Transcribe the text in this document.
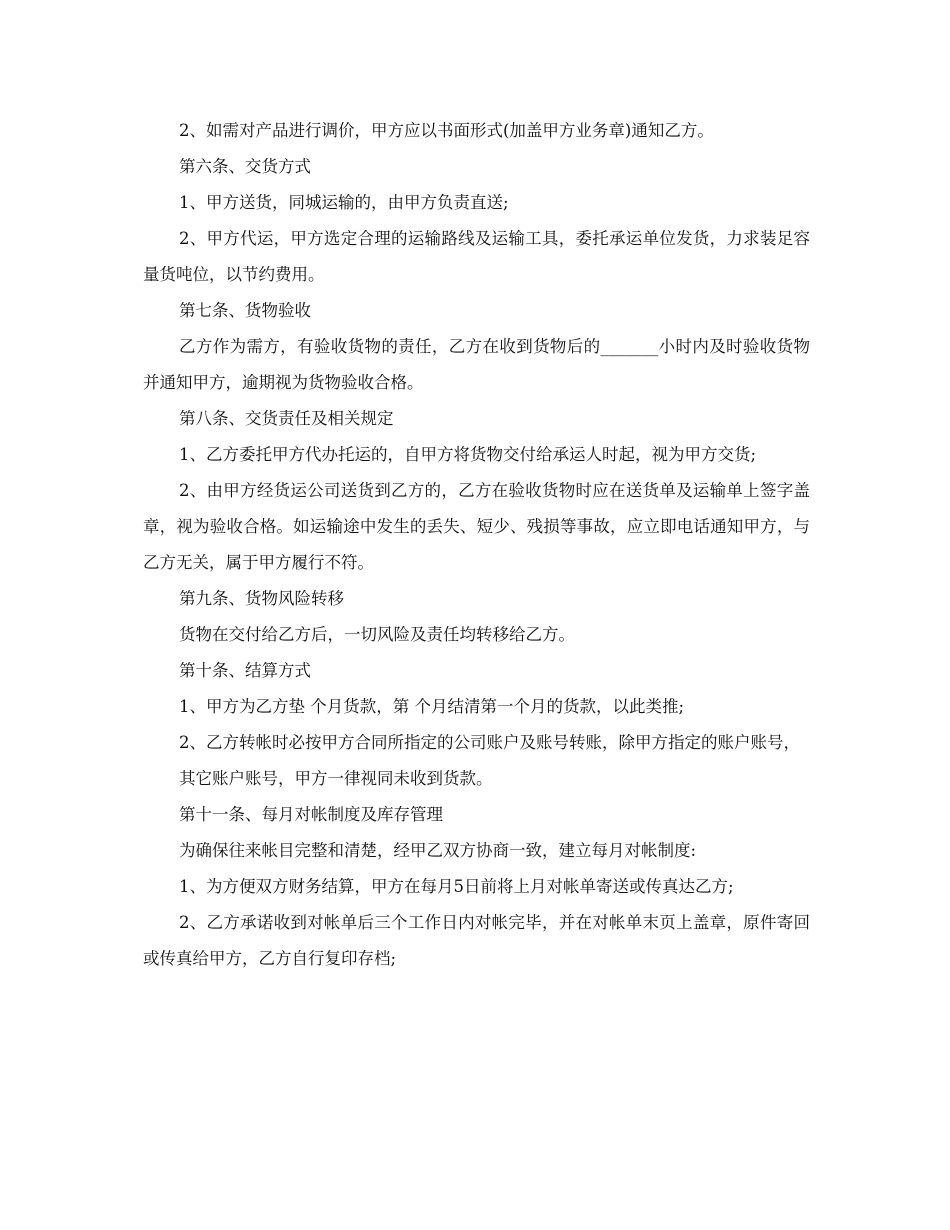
2、如需对产品进行调价，甲方应以书面形式(加盖甲方业务章)通知乙方。

第六条、交货方式

1、甲方送货，同城运输的，由甲方负责直送;

2、甲方代运，甲方选定合理的运输路线及运输工具，委托承运单位发货，力求装足容量货吨位，以节约费用。

第七条、货物验收

乙方作为需方，有验收货物的责任，乙方在收到货物后的_______小时内及时验收货物并通知甲方，逾期视为货物验收合格。

第八条、交货责任及相关规定

1、乙方委托甲方代办托运的，自甲方将货物交付给承运人时起，视为甲方交货;

2、由甲方经货运公司送货到乙方的，乙方在验收货物时应在送货单及运输单上签字盖章，视为验收合格。如运输途中发生的丢失、短少、残损等事故，应立即电话通知甲方，与乙方无关，属于甲方履行不符。

第九条、货物风险转移

货物在交付给乙方后，一切风险及责任均转移给乙方。

第十条、结算方式

1、甲方为乙方垫 个月货款，第 个月结清第一个月的货款，以此类推;

2、乙方转帐时必按甲方合同所指定的公司账户及账号转账，除甲方指定的账户账号，

其它账户账号，甲方一律视同未收到货款。

第十一条、每月对帐制度及库存管理

为确保往来帐目完整和清楚，经甲乙双方协商一致，建立每月对帐制度:

1、为方便双方财务结算，甲方在每月5日前将上月对帐单寄送或传真达乙方;

2、乙方承诺收到对帐单后三个工作日内对帐完毕，并在对帐单末页上盖章，原件寄回或传真给甲方，乙方自行复印存档;
